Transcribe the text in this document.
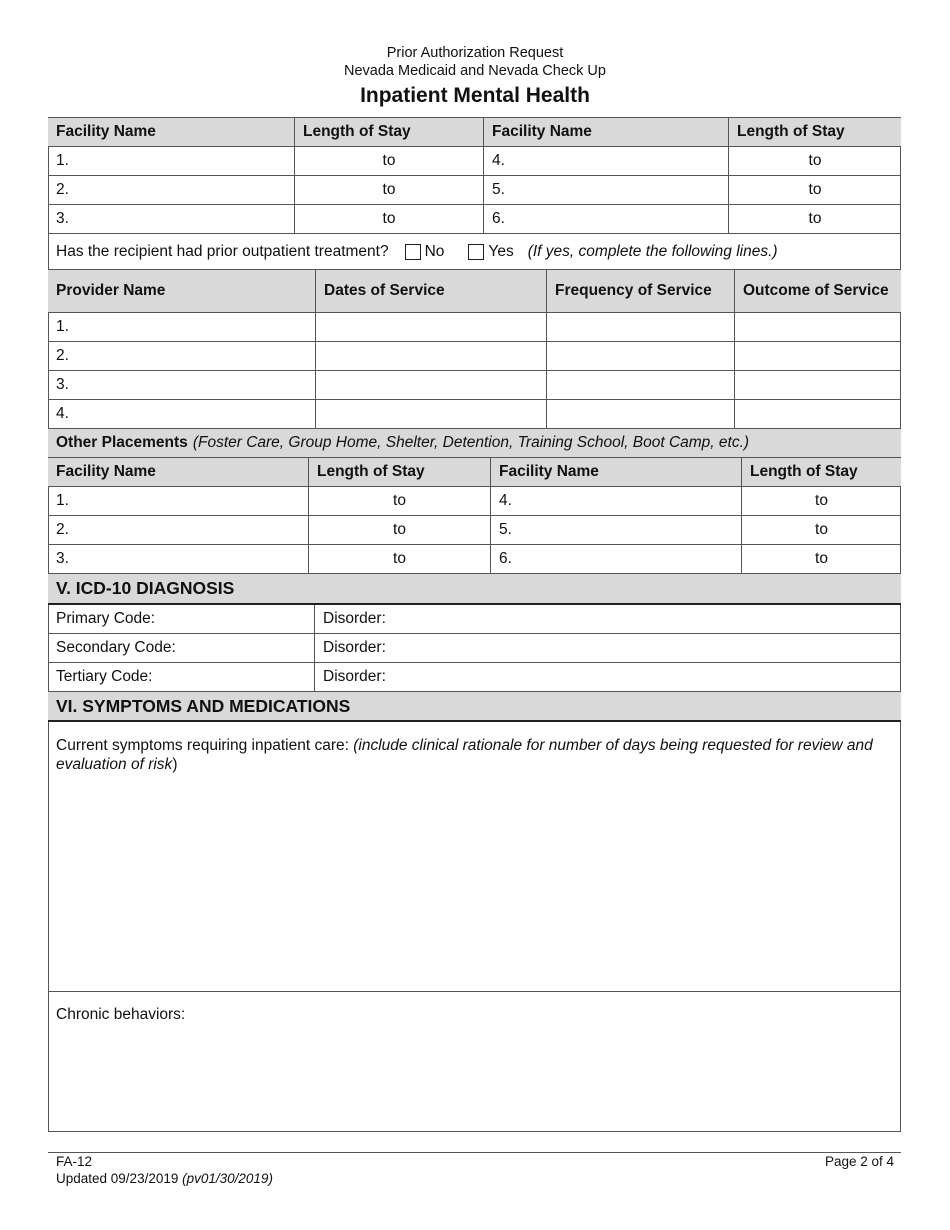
Prior Authorization Request
Nevada Medicaid and Nevada Check Up
Inpatient Mental Health
Facility Name	Length of Stay	Facility Name	Length of Stay
1.	to	4.	to
2.	to	5.	to
3.	to	6.	to
Has the recipient had prior outpatient treatment? No	Yes (If yes, complete the following lines.)
Provider Name	Dates of Service	Frequency of Service	Outcome of Service
1.
2.
3.
4.
Other Placements (Foster Care, Group Home, Shelter, Detention, Training School, Boot Camp, etc.)
Facility Name	Length of Stay	Facility Name	Length of Stay
1.	to	4.	to
2.	to	5.	to
3.	to	6.	to
V. ICD-10 DIAGNOSIS
Primary Code:	Disorder:
Secondary Code:	Disorder:
Tertiary Code:	Disorder:
VI. SYMPTOMS AND MEDICATIONS
Current symptoms requiring inpatient care: (include clinical rationale for number of days being requested for review and evaluation of risk)
Chronic behaviors:
FA-12
Updated 09/23/2019 (pv01/30/2019)
Page 2 of 4
